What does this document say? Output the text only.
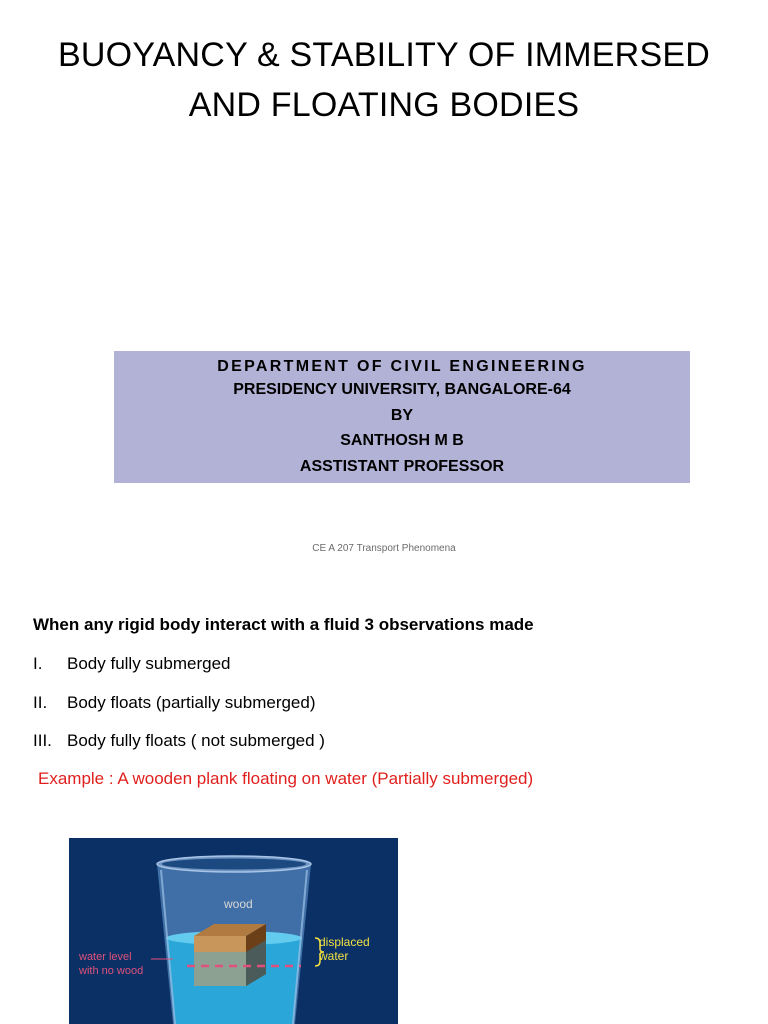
BUOYANCY & STABILITY OF IMMERSED
AND FLOATING BODIES
DEPARTMENT OF CIVIL ENGINEERING
PRESIDENCY UNIVERSITY, BANGALORE-64
BY
SANTHOSH M B
ASSTISTANT PROFESSOR
CE A 207 Transport Phenomena
When any rigid body interact with a fluid 3 observations made
I. Body fully submerged
II. Body floats (partially submerged)
III. Body fully floats ( not submerged )
Example : A wooden plank floating on water (Partially submerged)
wood
water level
with no wood
displaced
water
